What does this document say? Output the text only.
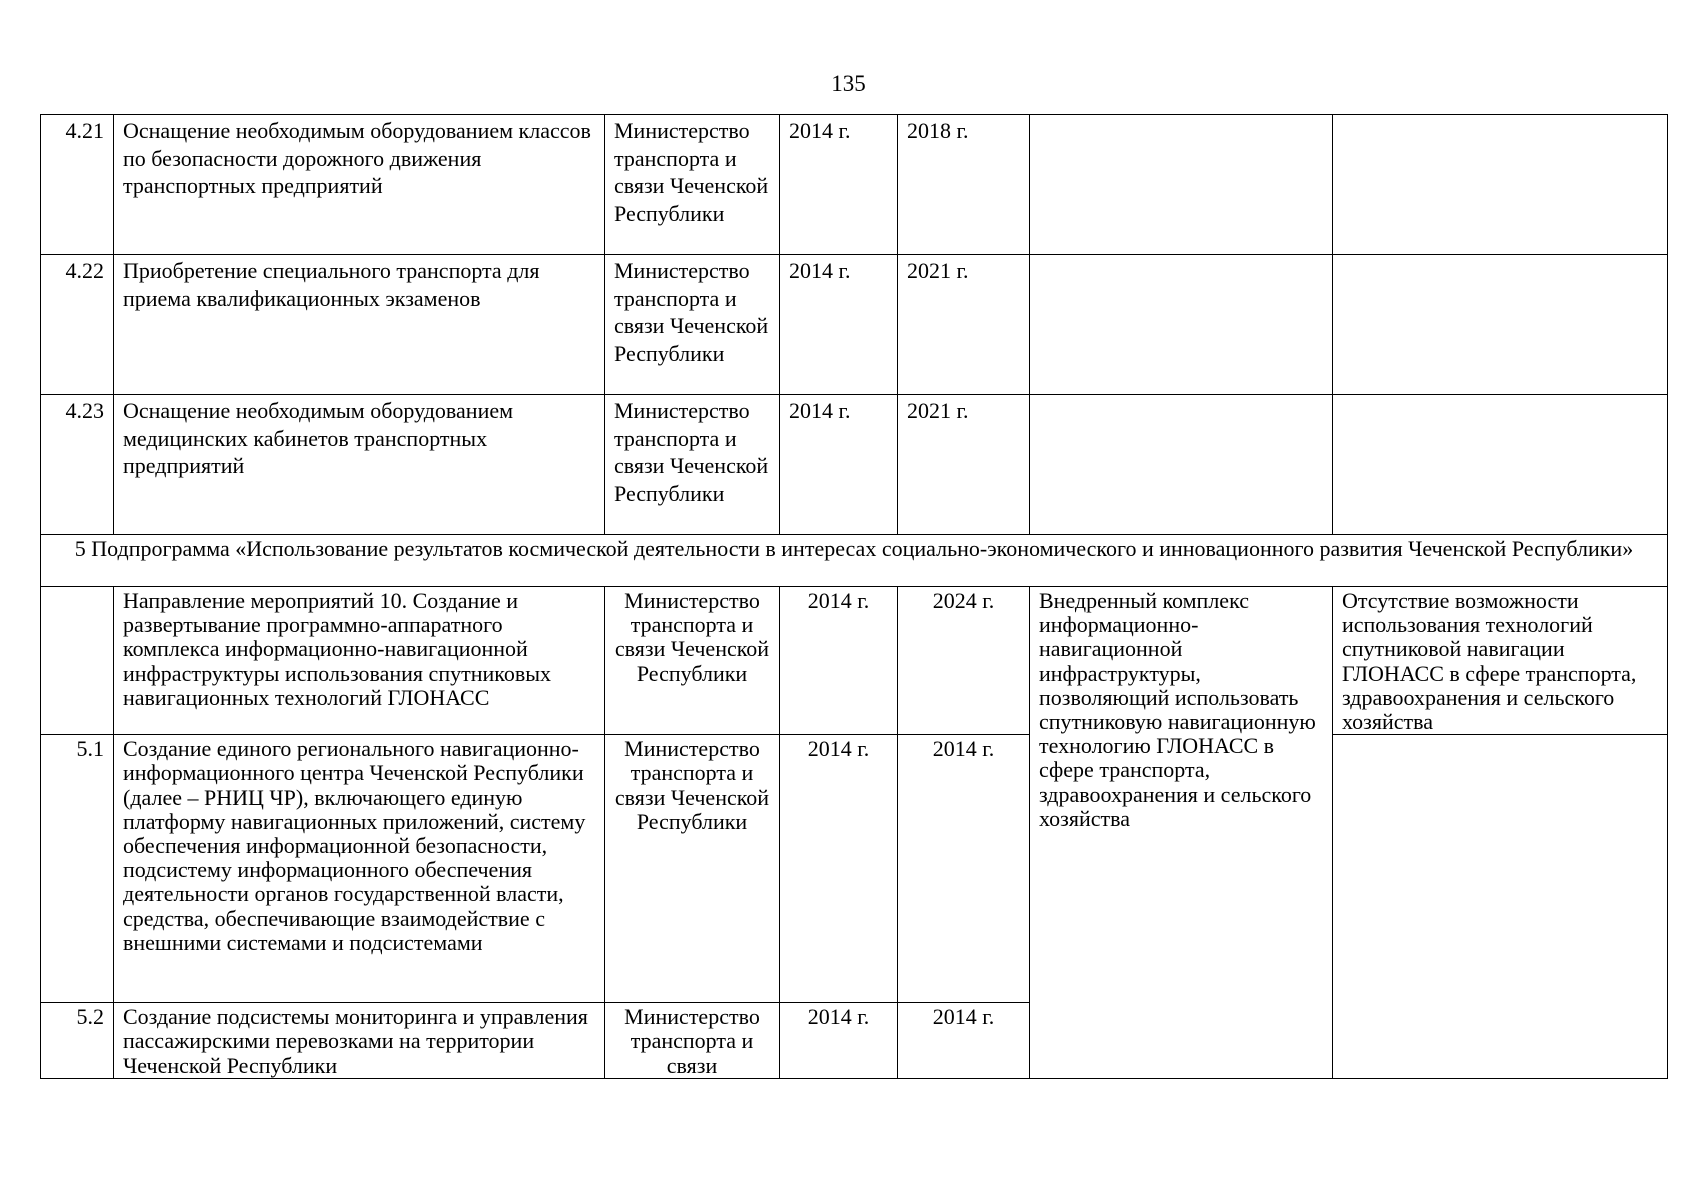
135
4.21	Оснащение необходимым оборудованием классов по безопасности дорожного движения транспортных предприятий	Министерство транспорта и связи Чеченской Республики	2014 г.	2018 г.		
4.22	Приобретение специального транспорта для приема квалификационных экзаменов	Министерство транспорта и связи Чеченской Республики	2014 г.	2021 г.		
4.23	Оснащение необходимым оборудованием медицинских кабинетов транспортных предприятий	Министерство транспорта и связи Чеченской Республики	2014 г.	2021 г.		
5 Подпрограмма «Использование результатов космической деятельности в интересах социально-экономического и инновационного развития Чеченской Республики»						
	Направление мероприятий 10. Создание и развертывание программно-аппаратного комплекса информационно-навигационной инфраструктуры использования спутниковых навигационных технологий ГЛОНАСС	Министерство транспорта и связи Чеченской Республики	2014 г.	2024 г.	Внедренный комплекс информационно-навигационной инфраструктуры, позволяющий использовать спутниковую навигационную технологию ГЛОНАСС в сфере транспорта, здравоохранения и сельского хозяйства	Отсутствие возможности использования технологий спутниковой навигации ГЛОНАСС в сфере транспорта, здравоохранения и сельского хозяйства
5.1	Создание единого регионального навигационно-информационного центра Чеченской Республики (далее – РНИЦ ЧР), включающего единую платформу навигационных приложений, систему обеспечения информационной безопасности, подсистему информационного обеспечения деятельности органов государственной власти, средства, обеспечивающие взаимодействие с внешними системами и подсистемами	Министерство транспорта и связи Чеченской Республики	2014 г.	2014 г.		
5.2	Создание подсистемы мониторинга и управления пассажирскими перевозками на территории Чеченской Республики	Министерство транспорта и связи	2014 г.	2014 г.		
